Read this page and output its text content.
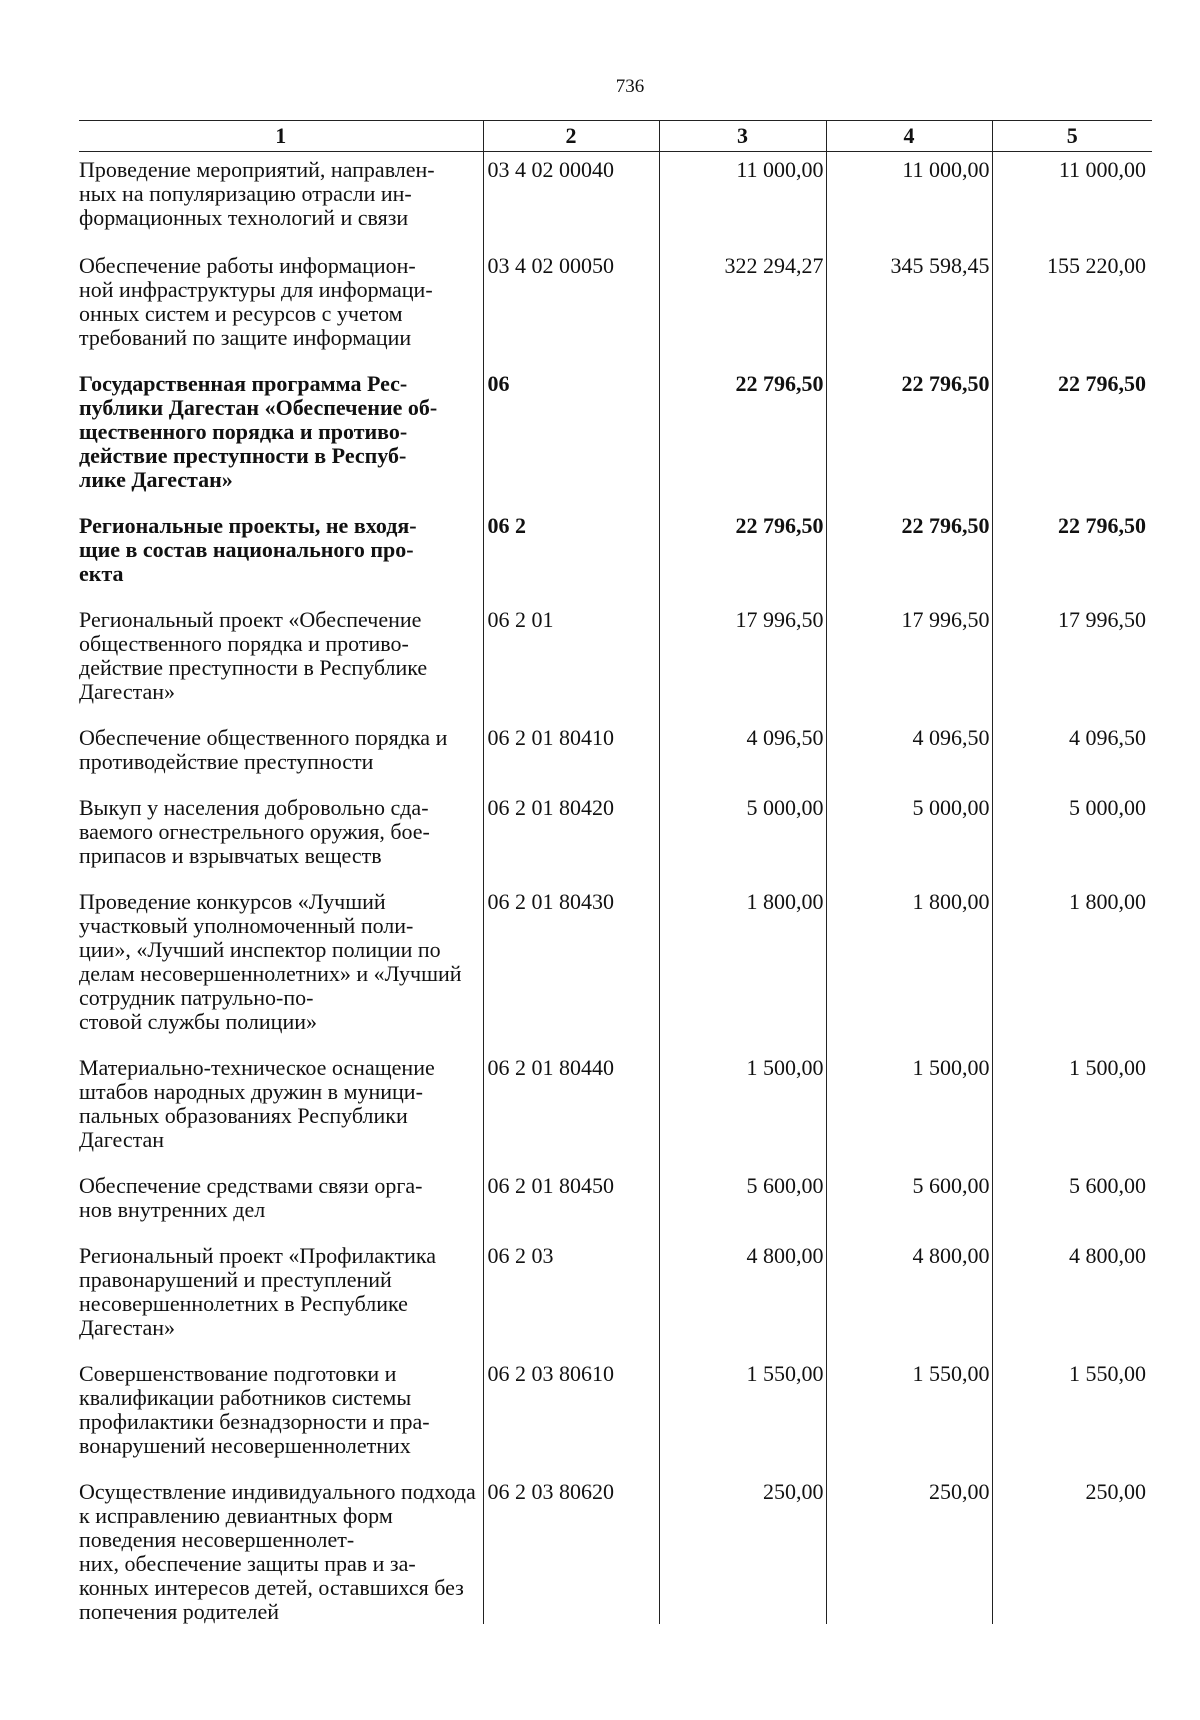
736
1	2	3	4	5
Проведение мероприятий, направлен-
ных на популяризацию отрасли ин-
формационных технологий и связи	03 4 02 00040	11 000,00	11 000,00	11 000,00
Обеспечение работы информацион-
ной инфраструктуры для информаци-
онных систем и ресурсов с учетом требований по защите информации	03 4 02 00050	322 294,27	345 598,45	155 220,00
Государственная программа Рес-
публики Дагестан «Обеспечение об-
щественного порядка и противо-
действие преступности в Респуб-
лике Дагестан»	06	22 796,50	22 796,50	22 796,50
Региональные проекты, не входя-
щие в состав национального про-
екта	06 2	22 796,50	22 796,50	22 796,50
Региональный проект «Обеспечение общественного порядка и противо-
действие преступности в Республике Дагестан»	06 2 01	17 996,50	17 996,50	17 996,50
Обеспечение общественного порядка и противодействие преступности	06 2 01 80410	4 096,50	4 096,50	4 096,50
Выкуп у населения добровольно сда-
ваемого огнестрельного оружия, бое-
припасов и взрывчатых веществ	06 2 01 80420	5 000,00	5 000,00	5 000,00
Проведение конкурсов «Лучший участковый уполномоченный поли-
ции», «Лучший инспектор полиции по делам несовершеннолетних» и «Лучший сотрудник патрульно-по-
стовой службы полиции»	06 2 01 80430	1 800,00	1 800,00	1 800,00
Материально-техническое оснащение штабов народных дружин в муници-
пальных образованиях Республики Дагестан	06 2 01 80440	1 500,00	1 500,00	1 500,00
Обеспечение средствами связи орга-
нов внутренних дел	06 2 01 80450	5 600,00	5 600,00	5 600,00
Региональный проект «Профилактика правонарушений и преступлений несовершеннолетних в Республике Дагестан»	06 2 03	4 800,00	4 800,00	4 800,00
Совершенствование подготовки и квалификации работников системы профилактики безнадзорности и пра-
вонарушений несовершеннолетних	06 2 03 80610	1 550,00	1 550,00	1 550,00
Осуществление индивидуального подхода к исправлению девиантных форм поведения несовершеннолет-
них, обеспечение защиты прав и за-
конных интересов детей, оставшихся без попечения родителей	06 2 03 80620	250,00	250,00	250,00
